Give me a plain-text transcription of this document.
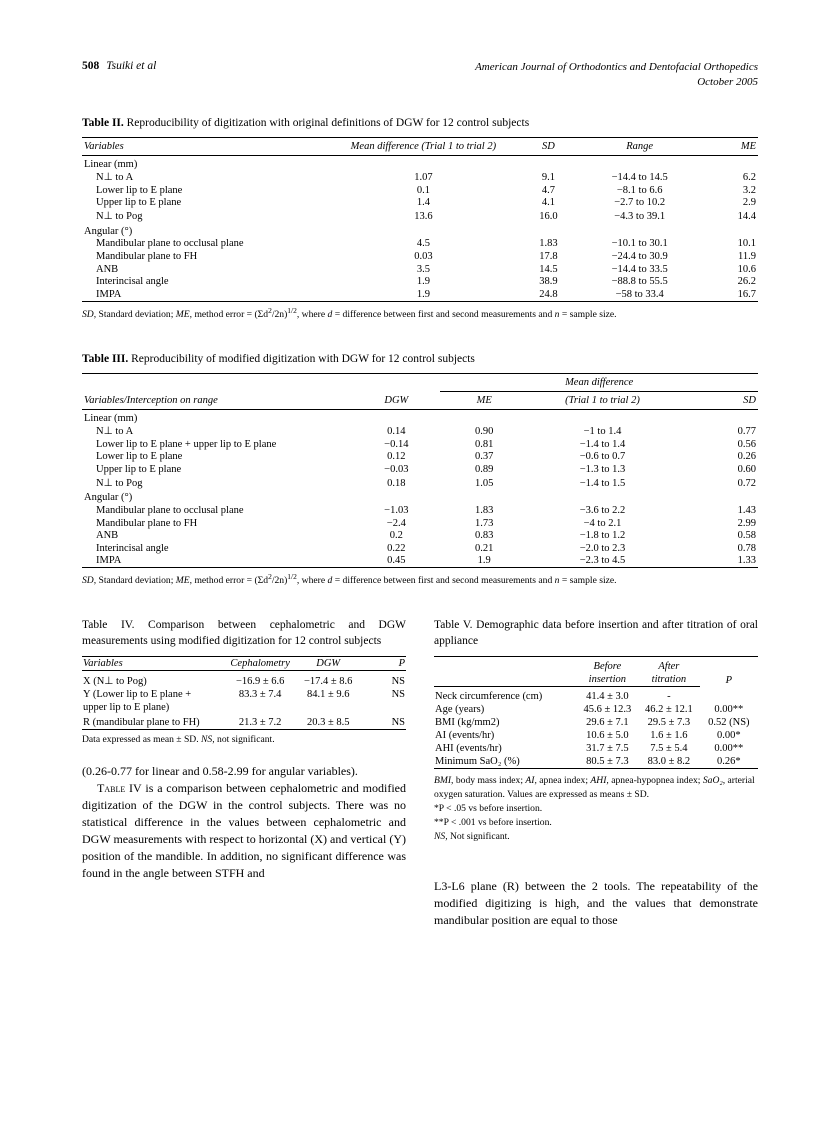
508 Tsuiki et al	American Journal of Orthodontics and Dentofacial Orthopedics
October 2005
Table II. Reproducibility of digitization with original definitions of DGW for 12 control subjects
Variables	Mean difference (Trial 1 to trial 2)	SD	Range	ME
Linear (mm)				
N⊥ to A	1.07	9.1	−14.4 to 14.5	6.2
Lower lip to E plane	0.1	4.7	−8.1 to 6.6	3.2
Upper lip to E plane	1.4	4.1	−2.7 to 10.2	2.9
N⊥ to Pog	13.6	16.0	−4.3 to 39.1	14.4
Angular (°)				
Mandibular plane to occlusal plane	4.5	1.83	−10.1 to 30.1	10.1
Mandibular plane to FH	0.03	17.8	−24.4 to 30.9	11.9
ANB	3.5	14.5	−14.4 to 33.5	10.6
Interincisal angle	1.9	38.9	−88.8 to 55.5	26.2
IMPA	1.9	24.8	−58 to 33.4	16.7
SD, Standard deviation; ME, method error = $(\Sigma d^2/2n)^{1/2}$, where d = difference between first and second measurements and n = sample size.
Table III. Reproducibility of modified digitization with DGW for 12 control subjects
		Mean difference		
Variables/Interception on range	DGW	ME	(Trial 1 to trial 2)	SD
Linear (mm)				
N⊥ to A	0.14	0.90	−1 to 1.4	0.77
Lower lip to E plane + upper lip to E plane	−0.14	0.81	−1.4 to 1.4	0.56
Lower lip to E plane	0.12	0.37	−0.6 to 0.7	0.26
Upper lip to E plane	−0.03	0.89	−1.3 to 1.3	0.60
N⊥ to Pog	0.18	1.05	−1.4 to 1.5	0.72
Angular (°)				
Mandibular plane to occlusal plane	−1.03	1.83	−3.6 to 2.2	1.43
Mandibular plane to FH	−2.4	1.73	−4 to 2.1	2.99
ANB	0.2	0.83	−1.8 to 1.2	0.58
Interincisal angle	0.22	0.21	−2.0 to 2.3	0.78
IMPA	0.45	1.9	−2.3 to 4.5	1.33
SD, Standard deviation; ME, method error = $(\Sigma d^2/2n)^{1/2}$, where d = difference between first and second measurements and n = sample size.
Table IV. Comparison between cephalometric and DGW measurements using modified digitization for 12 control subjects
Variables	Cephalometry	DGW	P
X (N⊥ to Pog)	−16.9 ± 6.6	−17.4 ± 8.6	NS
Y (Lower lip to E plane +	83.3 ± 7.4	84.1 ± 9.6	NS
upper lip to E plane)			
R (mandibular plane to FH)	21.3 ± 7.2	20.3 ± 8.5	NS
Data expressed as mean ± SD. NS, not significant.

(0.26-0.77 for linear and 0.58-2.99 for angular variables).

Table IV is a comparison between cephalometric and modified digitization of the DGW in the control subjects. There was no statistical difference in the values between cephalometric and DGW measurements with respect to horizontal (X) and vertical (Y) position of the mandible. In addition, no significant difference was found in the angle between STFH and

Table V. Demographic data before insertion and after titration of oral appliance
	Before	After	P
	insertion	titration	
Neck circumference (cm)	41.4 ± 3.0	-	
Age (years)	45.6 ± 12.3	46.2 ± 12.1	0.00**
BMI (kg/mm2)	29.6 ± 7.1	29.5 ± 7.3	0.52 (NS)
AI (events/hr)	10.6 ± 5.0	1.6 ± 1.6	0.00*
AHI (events/hr)	31.7 ± 7.5	7.5 ± 5.4	0.00**
Minimum SaO₂ (%)	80.5 ± 7.3	83.0 ± 8.2	0.26*
BMI, body mass index; AI, apnea index; AHI, apnea-hypopnea index; SaO₂, arterial oxygen saturation. Values are expressed as means ± SD.
*P < .05 vs before insertion.
**P < .001 vs before insertion.
NS, Not significant.

L3-L6 plane (R) between the 2 tools. The repeatability of the modified digitizing is high, and the values that demonstrate mandibular position are equal to those
